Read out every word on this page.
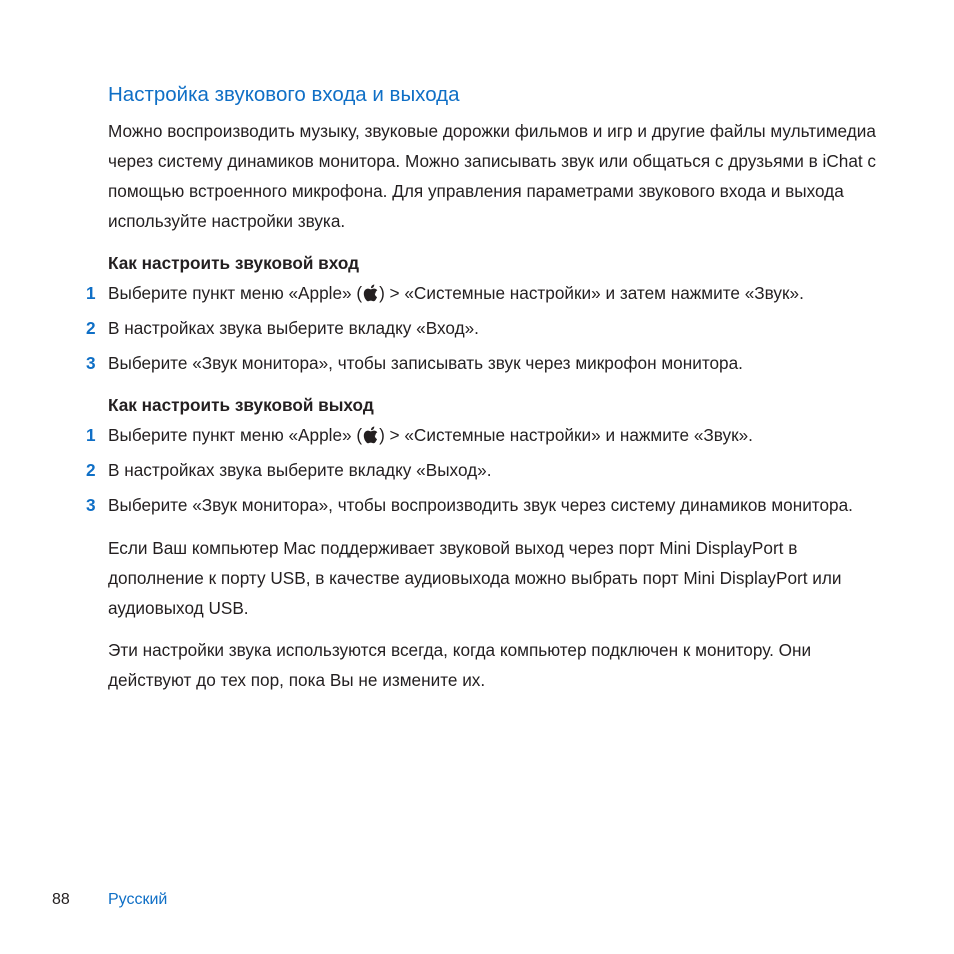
Настройка звукового входа и выхода

Можно воспроизводить музыку, звуковые дорожки фильмов и игр и другие файлы мультимедиа через систему динамиков монитора. Можно записывать звук или общаться с друзьями в iChat с помощью встроенного микрофона. Для управления параметрами звукового входа и выхода используйте настройки звука.

Как настроить звуковой вход
1 Выберите пункт меню «Apple» ( ) > «Системные настройки» и затем нажмите «Звук».
2 В настройках звука выберите вкладку «Вход».
3 Выберите «Звук монитора», чтобы записывать звук через микрофон монитора.
Как настроить звуковой выход
1 Выберите пункт меню «Apple» ( ) > «Системные настройки» и нажмите «Звук».
2 В настройках звука выберите вкладку «Выход».
3 Выберите «Звук монитора», чтобы воспроизводить звук через систему динамиков монитора.

Если Ваш компьютер Mac поддерживает звуковой выход через порт Mini DisplayPort в дополнение к порту USB, в качестве аудиовыхода можно выбрать порт Mini DisplayPort или аудиовыход USB.

Эти настройки звука используются всегда, когда компьютер подключен к монитору. Они действуют до тех пор, пока Вы не измените их.

88 Русский
